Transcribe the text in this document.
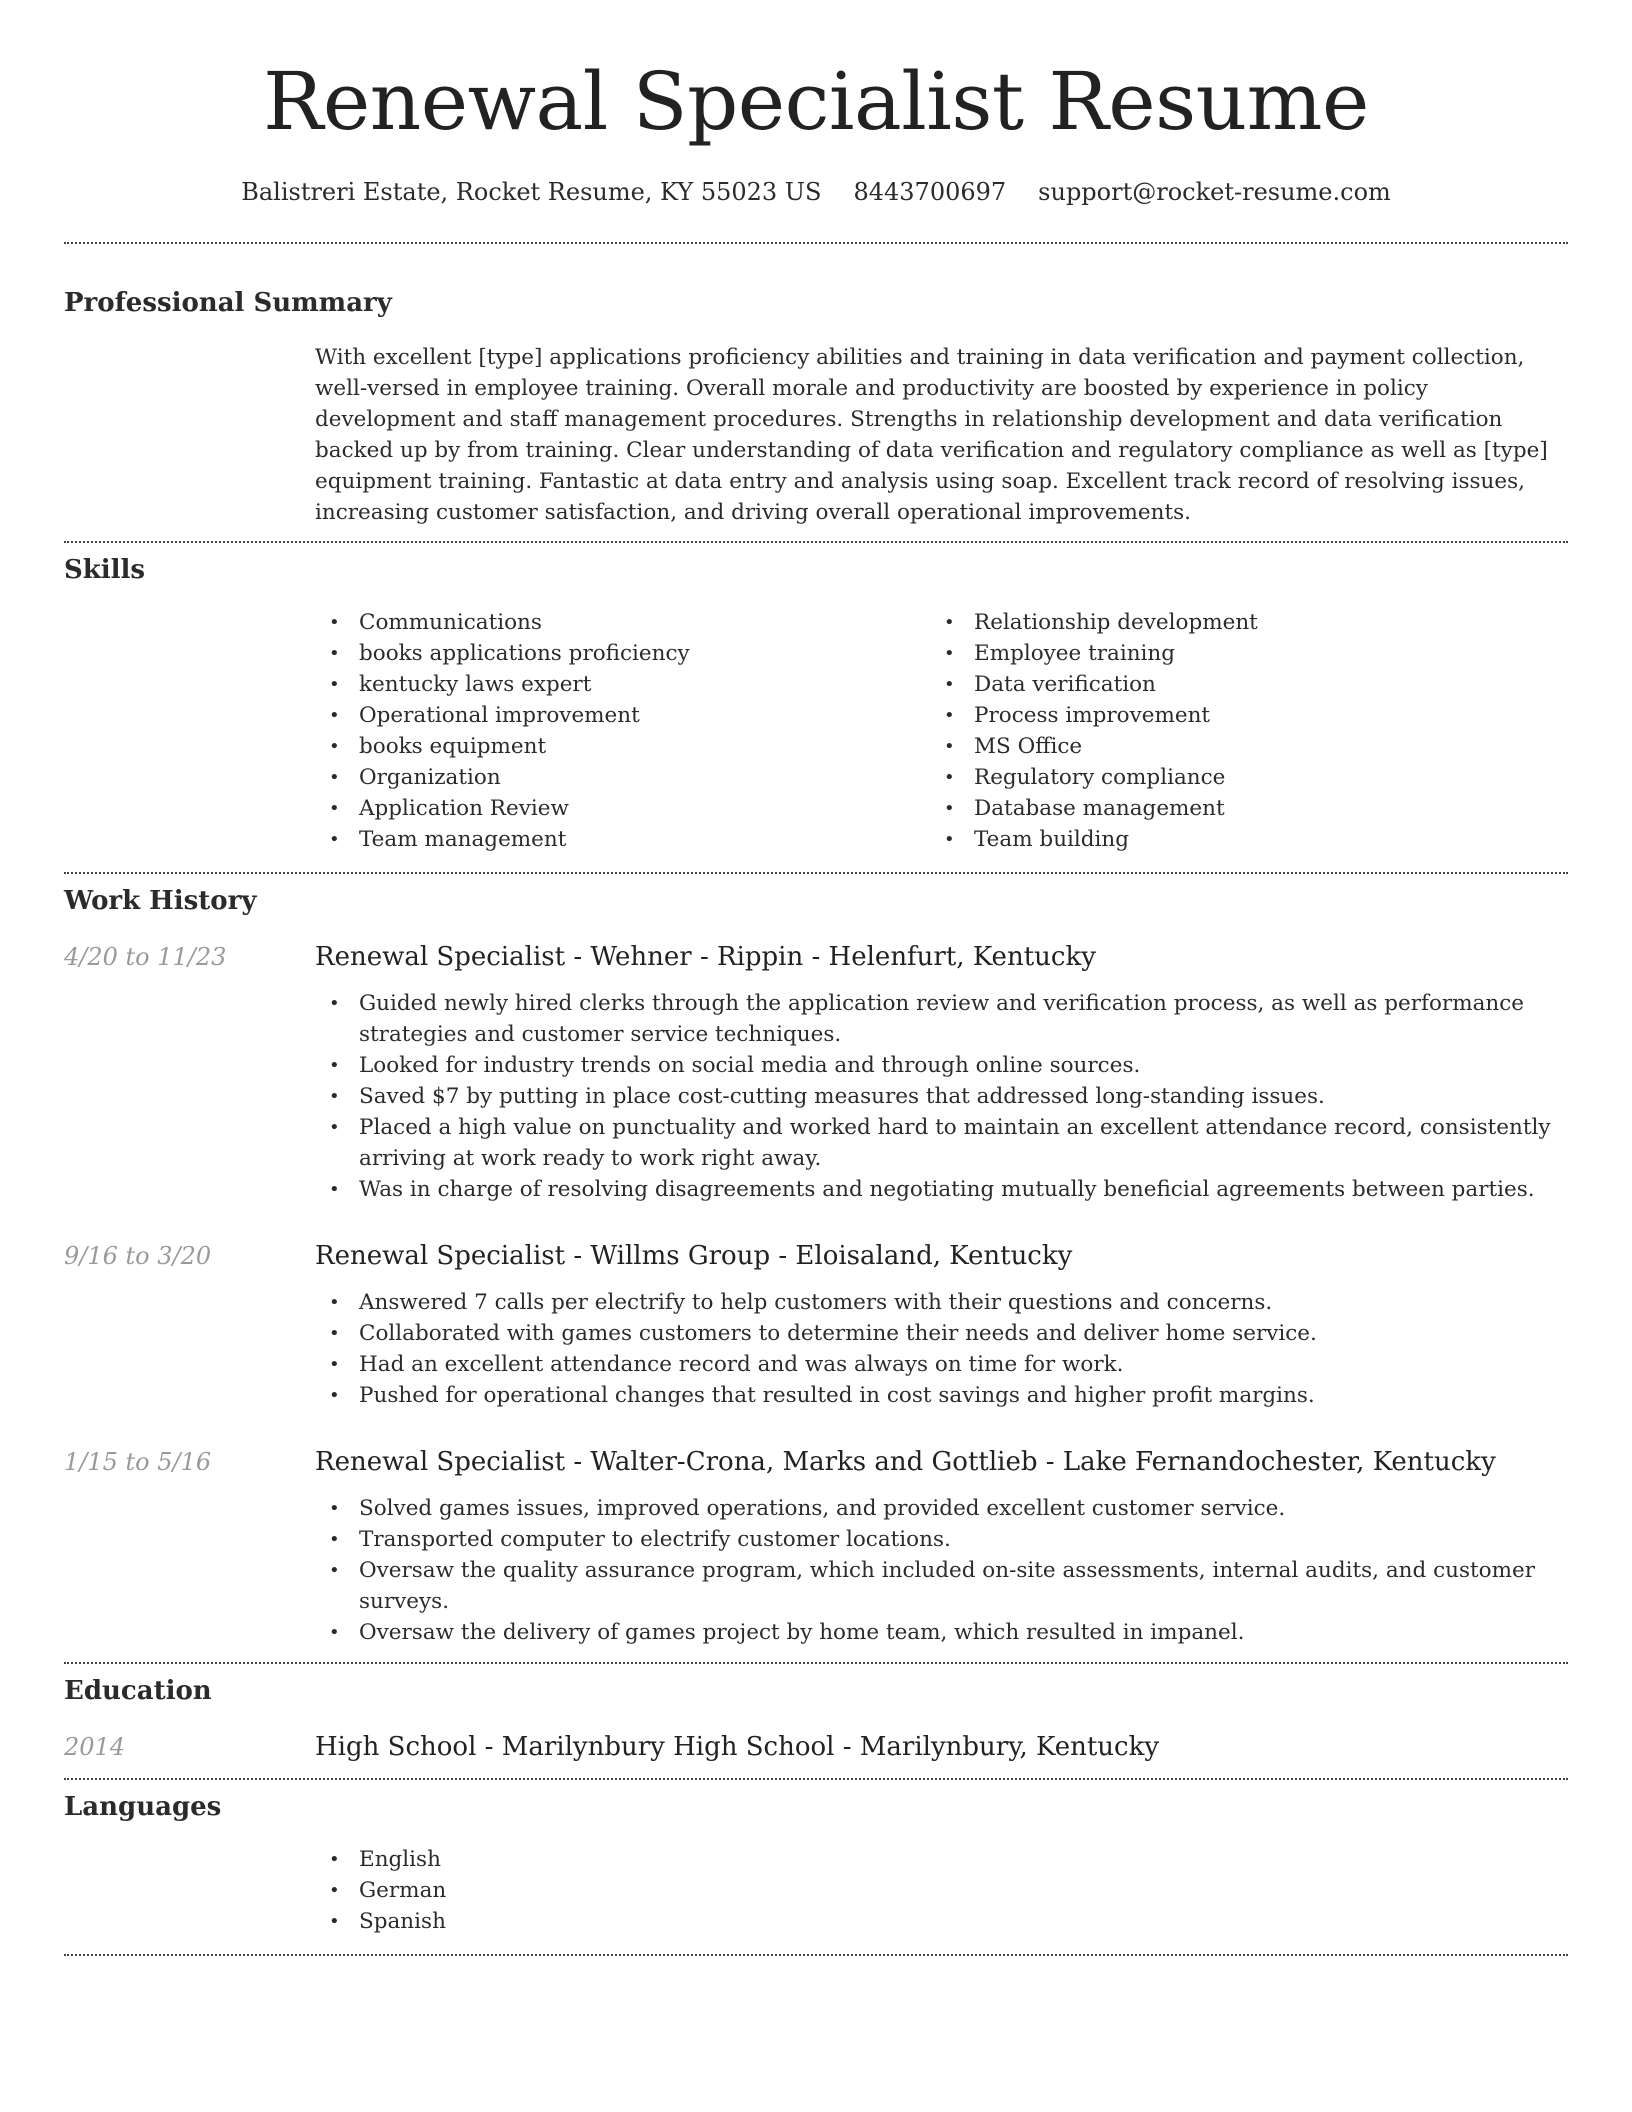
Renewal Specialist Resume
Balistreri Estate, Rocket Resume, KY 55023 US 8443700697 support@rocket-resume.com
Professional Summary

With excellent [type] applications proficiency abilities and training in data verification and payment collection, well-versed in employee training. Overall morale and productivity are boosted by experience in policy development and staff management procedures. Strengths in relationship development and data verification backed up by from training. Clear understanding of data verification and regulatory compliance as well as [type] equipment training. Fantastic at data entry and analysis using soap. Excellent track record of resolving issues, increasing customer satisfaction, and driving overall operational improvements.

Skills
• Communications
• books applications proficiency
• kentucky laws expert
• Operational improvement
• books equipment
• Organization
• Application Review
• Team management
• Relationship development
• Employee training
• Data verification
• Process improvement
• MS Office
• Regulatory compliance
• Database management
• Team building
Work History
4/20 to 11/23	Renewal Specialist - Wehner - Rippin - Helenfurt, Kentucky
• Guided newly hired clerks through the application review and verification process, as well as performance strategies and customer service techniques.
• Looked for industry trends on social media and through online sources.
• Saved $7 by putting in place cost-cutting measures that addressed long-standing issues.
• Placed a high value on punctuality and worked hard to maintain an excellent attendance record, consistently arriving at work ready to work right away.
• Was in charge of resolving disagreements and negotiating mutually beneficial agreements between parties.
9/16 to 3/20	Renewal Specialist - Willms Group - Eloisaland, Kentucky
• Answered 7 calls per electrify to help customers with their questions and concerns.
• Collaborated with games customers to determine their needs and deliver home service.
• Had an excellent attendance record and was always on time for work.
• Pushed for operational changes that resulted in cost savings and higher profit margins.
1/15 to 5/16	Renewal Specialist - Walter-Crona, Marks and Gottlieb - Lake Fernandochester, Kentucky
• Solved games issues, improved operations, and provided excellent customer service.
• Transported computer to electrify customer locations.
• Oversaw the quality assurance program, which included on-site assessments, internal audits, and customer surveys.
• Oversaw the delivery of games project by home team, which resulted in impanel.
Education
2014	High School - Marilynbury High School - Marilynbury, Kentucky
Languages
• English
• German
• Spanish
